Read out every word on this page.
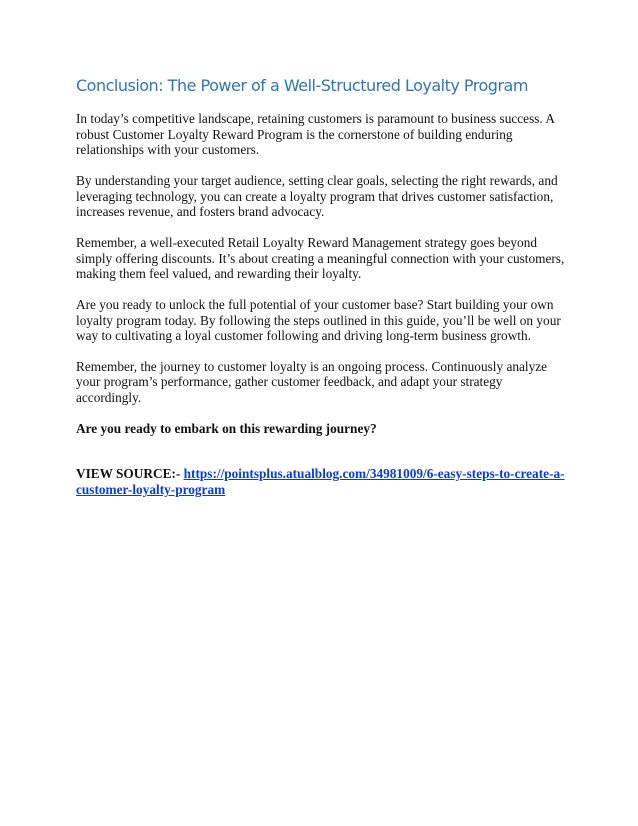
Conclusion: The Power of a Well-Structured Loyalty Program

In today’s competitive landscape, retaining customers is paramount to business success. A robust Customer Loyalty Reward Program is the cornerstone of building enduring relationships with your customers.

By understanding your target audience, setting clear goals, selecting the right rewards, and leveraging technology, you can create a loyalty program that drives customer satisfaction, increases revenue, and fosters brand advocacy.

Remember, a well-executed Retail Loyalty Reward Management strategy goes beyond simply offering discounts. It’s about creating a meaningful connection with your customers, making them feel valued, and rewarding their loyalty.

Are you ready to unlock the full potential of your customer base? Start building your own loyalty program today. By following the steps outlined in this guide, you’ll be well on your way to cultivating a loyal customer following and driving long-term business growth.

Remember, the journey to customer loyalty is an ongoing process. Continuously analyze your program’s performance, gather customer feedback, and adapt your strategy accordingly.

Are you ready to embark on this rewarding journey?

VIEW SOURCE:- https://pointsplus.atualblog.com/34981009/6-easy-steps-to-create-a-customer-loyalty-program
